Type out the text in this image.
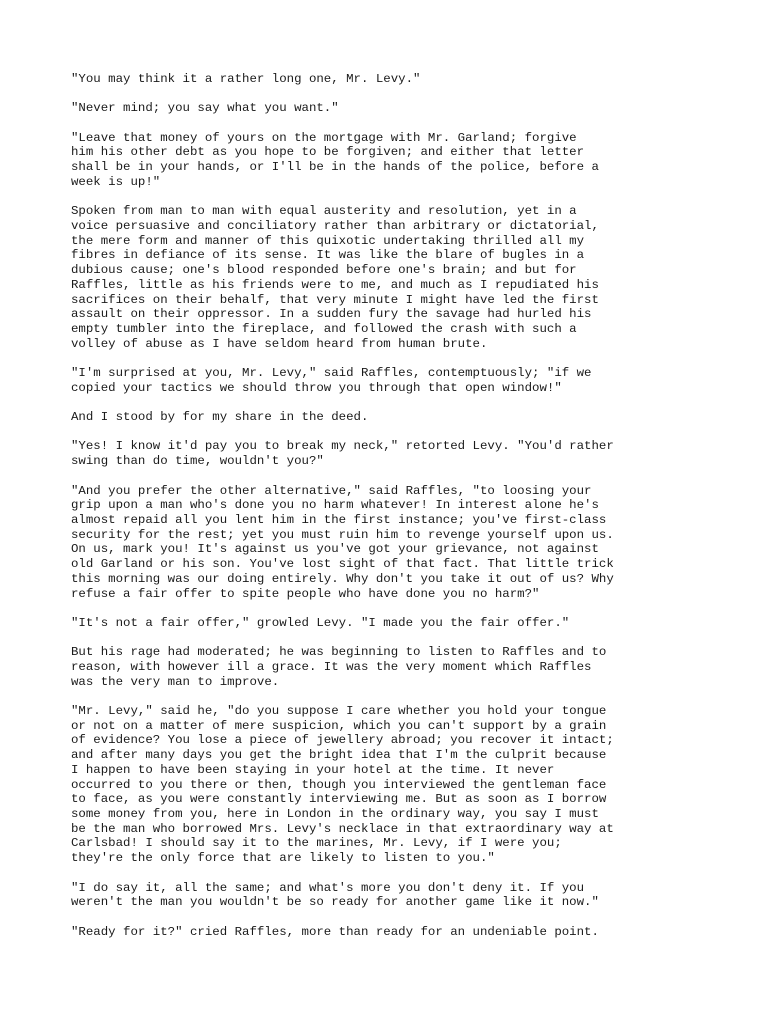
"You may think it a rather long one, Mr. Levy."

"Never mind; you say what you want."

"Leave that money of yours on the mortgage with Mr. Garland; forgive
him his other debt as you hope to be forgiven; and either that letter
shall be in your hands, or I'll be in the hands of the police, before a
week is up!"

Spoken from man to man with equal austerity and resolution, yet in a
voice persuasive and conciliatory rather than arbitrary or dictatorial,
the mere form and manner of this quixotic undertaking thrilled all my
fibres in defiance of its sense. It was like the blare of bugles in a
dubious cause; one's blood responded before one's brain; and but for
Raffles, little as his friends were to me, and much as I repudiated his
sacrifices on their behalf, that very minute I might have led the first
assault on their oppressor. In a sudden fury the savage had hurled his
empty tumbler into the fireplace, and followed the crash with such a
volley of abuse as I have seldom heard from human brute.

"I'm surprised at you, Mr. Levy," said Raffles, contemptuously; "if we
copied your tactics we should throw you through that open window!"

And I stood by for my share in the deed.

"Yes! I know it'd pay you to break my neck," retorted Levy. "You'd rather
swing than do time, wouldn't you?"

"And you prefer the other alternative," said Raffles, "to loosing your
grip upon a man who's done you no harm whatever! In interest alone he's
almost repaid all you lent him in the first instance; you've first-class
security for the rest; yet you must ruin him to revenge yourself upon us.
On us, mark you! It's against us you've got your grievance, not against
old Garland or his son. You've lost sight of that fact. That little trick
this morning was our doing entirely. Why don't you take it out of us? Why
refuse a fair offer to spite people who have done you no harm?"

"It's not a fair offer," growled Levy. "I made you the fair offer."

But his rage had moderated; he was beginning to listen to Raffles and to
reason, with however ill a grace. It was the very moment which Raffles
was the very man to improve.

"Mr. Levy," said he, "do you suppose I care whether you hold your tongue
or not on a matter of mere suspicion, which you can't support by a grain
of evidence? You lose a piece of jewellery abroad; you recover it intact;
and after many days you get the bright idea that I'm the culprit because
I happen to have been staying in your hotel at the time. It never
occurred to you there or then, though you interviewed the gentleman face
to face, as you were constantly interviewing me. But as soon as I borrow
some money from you, here in London in the ordinary way, you say I must
be the man who borrowed Mrs. Levy's necklace in that extraordinary way at
Carlsbad! I should say it to the marines, Mr. Levy, if I were you;
they're the only force that are likely to listen to you."

"I do say it, all the same; and what's more you don't deny it. If you
weren't the man you wouldn't be so ready for another game like it now."

"Ready for it?" cried Raffles, more than ready for an undeniable point.
